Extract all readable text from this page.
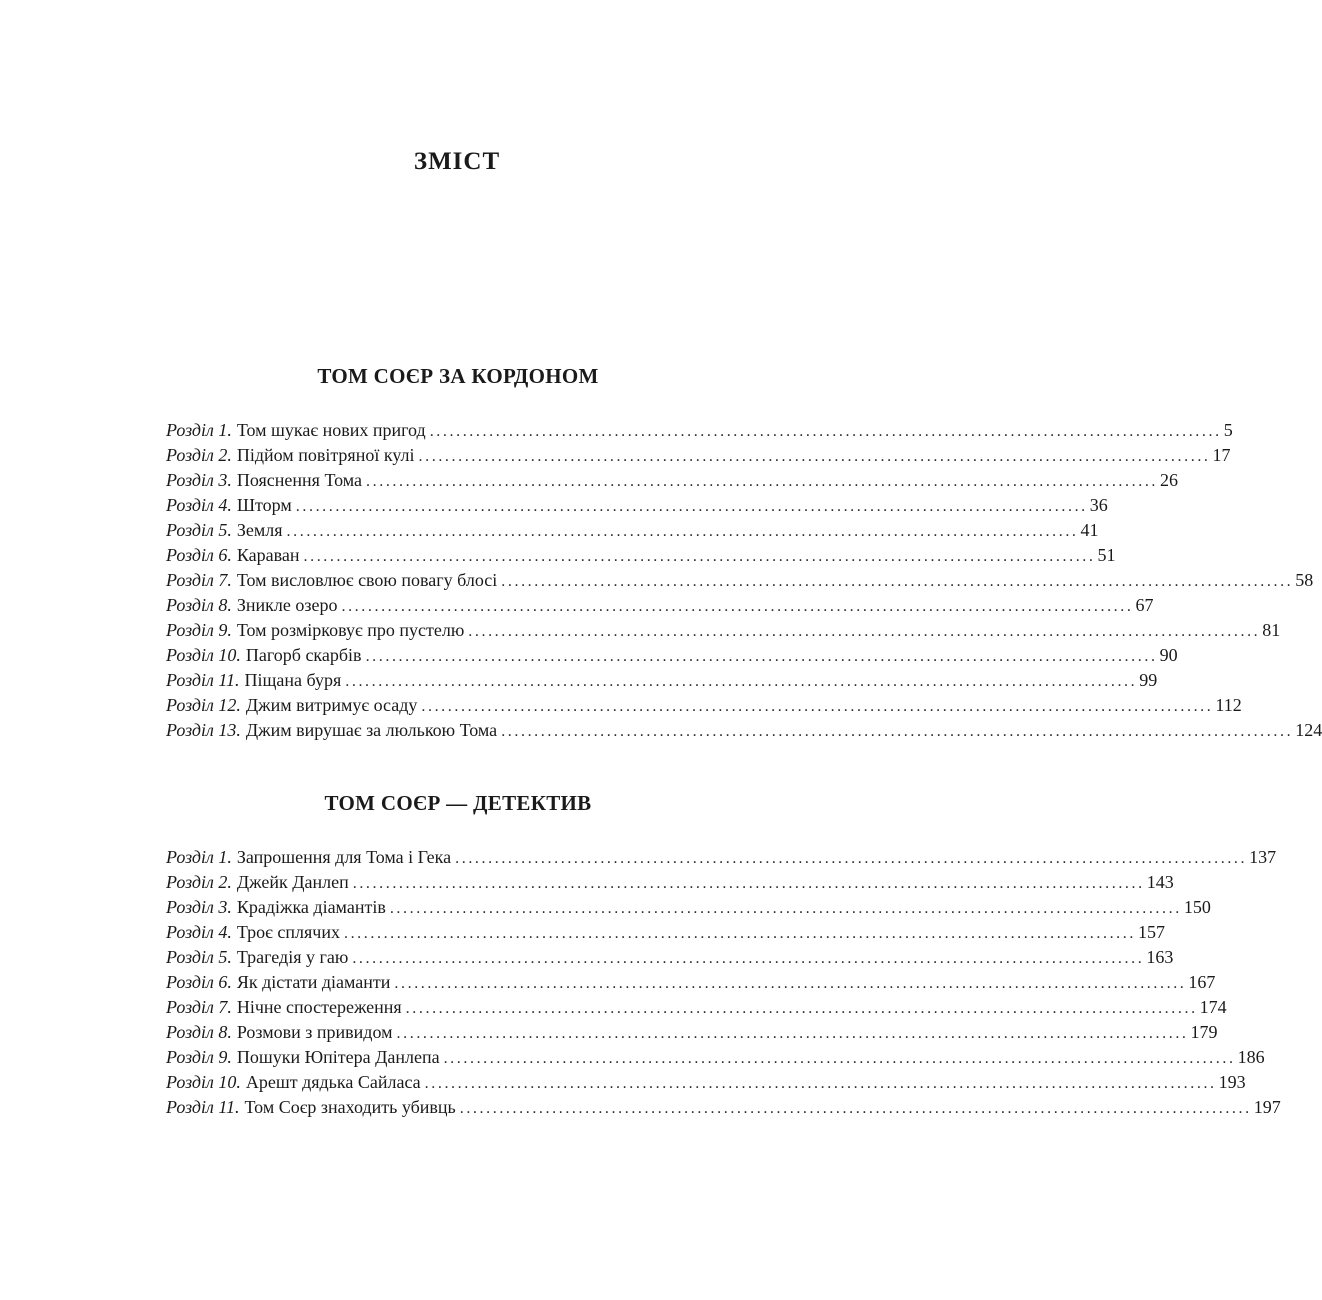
ЗМІСТ
ТОМ СОЄР ЗА КОРДОНОМ
Розділ 1. Том шукає нових пригод ........................................................................................................................ 5
Розділ 2. Підйом повітряної кулі ........................................................................................................................ 17
Розділ 3. Пояснення Тома ........................................................................................................................ 26
Розділ 4. Шторм ........................................................................................................................ 36
Розділ 5. Земля ........................................................................................................................ 41
Розділ 6. Караван ........................................................................................................................ 51
Розділ 7. Том висловлює свою повагу блосі ........................................................................................................................ 58
Розділ 8. Зникле озеро ........................................................................................................................ 67
Розділ 9. Том розмірковує про пустелю ........................................................................................................................ 81
Розділ 10. Пагорб скарбів ........................................................................................................................ 90
Розділ 11. Піщана буря ........................................................................................................................ 99
Розділ 12. Джим витримує осаду ........................................................................................................................ 112
Розділ 13. Джим вирушає за люлькою Тома ........................................................................................................................ 124
ТОМ СОЄР — ДЕТЕКТИВ
Розділ 1. Запрошення для Тома і Гека ........................................................................................................................ 137
Розділ 2. Джейк Данлеп ........................................................................................................................ 143
Розділ 3. Крадіжка діамантів ........................................................................................................................ 150
Розділ 4. Троє сплячих ........................................................................................................................ 157
Розділ 5. Трагедія у гаю ........................................................................................................................ 163
Розділ 6. Як дістати діаманти ........................................................................................................................ 167
Розділ 7. Нічне спостереження ........................................................................................................................ 174
Розділ 8. Розмови з привидом ........................................................................................................................ 179
Розділ 9. Пошуки Юпітера Данлепа ........................................................................................................................ 186
Розділ 10. Арешт дядька Сайласа ........................................................................................................................ 193
Розділ 11. Том Соєр знаходить убивць ........................................................................................................................ 197
